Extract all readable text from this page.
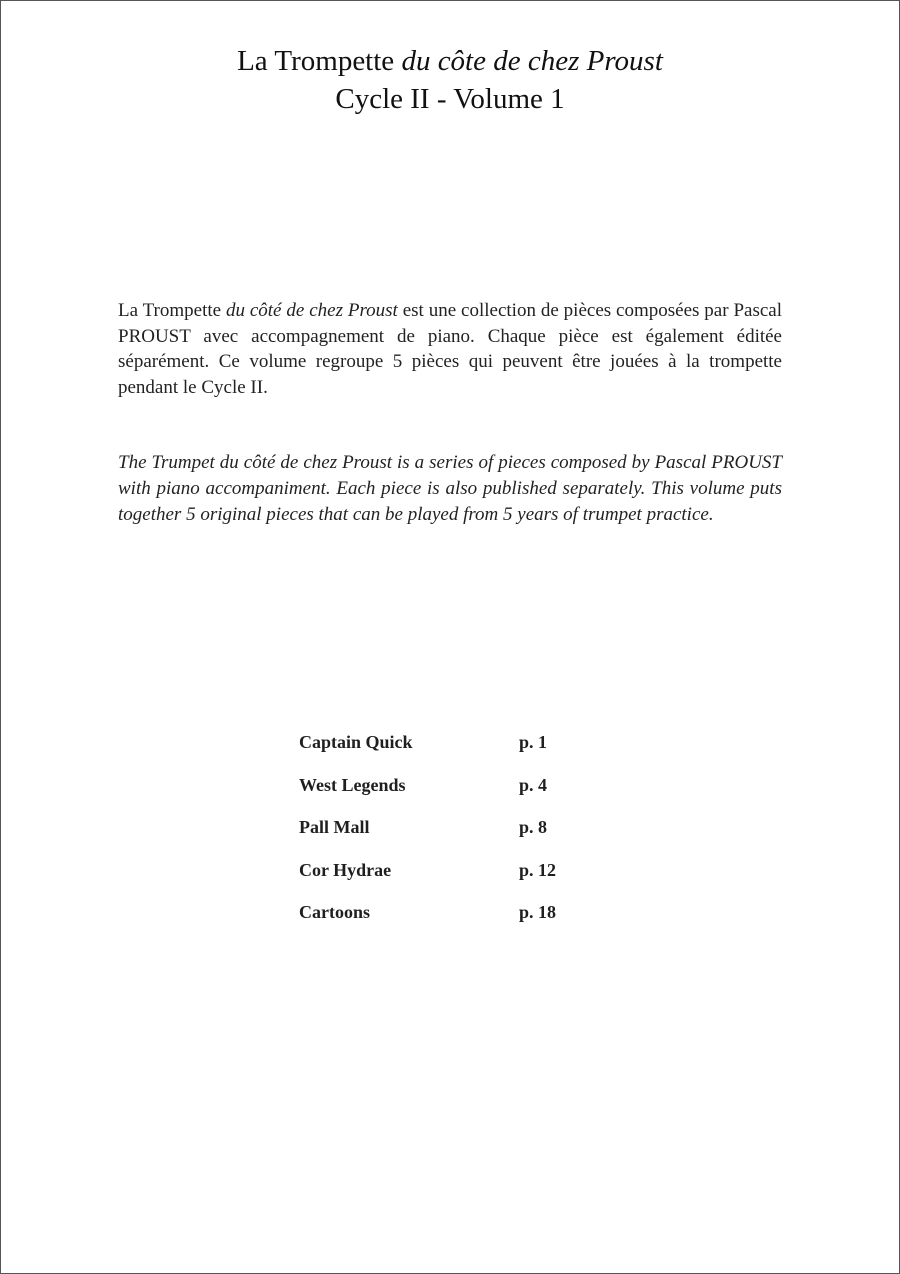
La Trompette du côte de chez Proust
Cycle II - Volume 1

La Trompette du côté de chez Proust est une collection de pièces composées par Pascal PROUST avec accompagnement de piano. Chaque pièce est également éditée séparément. Ce volume regroupe 5 pièces qui peuvent être jouées à la trompette pendant le Cycle II.

The Trumpet du côté de chez Proust is a series of pieces composed by Pascal PROUST with piano accompaniment. Each piece is also published separately. This volume puts together 5 original pieces that can be played from 5 years of trumpet practice.

Captain Quick	p. 1
West Legends	p. 4
Pall Mall	p. 8
Cor Hydrae	p. 12
Cartoons	p. 18
